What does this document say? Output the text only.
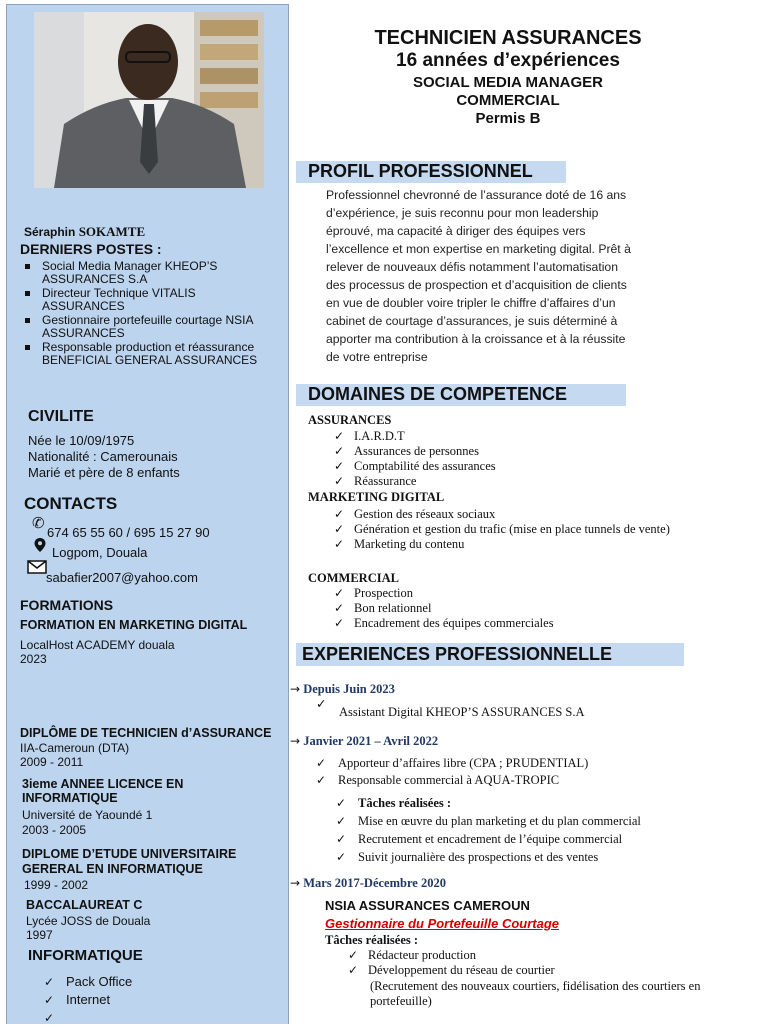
Séraphin SOKAMTE
DERNIERS POSTES :
Social Media Manager KHEOP’S ASSURANCES S.A
Directeur Technique VITALIS ASSURANCES
Gestionnaire portefeuille courtage NSIA ASSURANCES
Responsable production et réassurance BENEFICIAL GENERAL ASSURANCES
CIVILITE
Née le 10/09/1975
Nationalité : Camerounais
Marié et père de 8 enfants
CONTACTS
✆
674 65 55 60 / 695 15 27 90
Logpom, Douala
sabafier2007@yahoo.com
FORMATIONS
FORMATION EN MARKETING DIGITAL
LocalHost ACADEMY douala
2023
DIPLÔME DE TECHNICIEN d’ASSURANCE
IIA-Cameroun (DTA)
2009 - 2011
3ieme ANNEE LICENCE EN
INFORMATIQUE
Université de Yaoundé 1
2003 - 2005
DIPLOME D’ETUDE UNIVERSITAIRE
GERERAL EN INFORMATIQUE
1999 - 2002
BACCALAUREAT C
Lycée JOSS de Douala
1997
INFORMATIQUE
✓ Pack Office
✓ Internet
✓
TECHNICIEN ASSURANCES
16 années d’expériences
SOCIAL MEDIA MANAGER
COMMERCIAL
Permis B
PROFIL PROFESSIONNEL
Professionnel chevronné de l’assurance doté de 16 ans
d’expérience, je suis reconnu pour mon leadership
éprouvé, ma capacité à diriger des équipes vers
l’excellence et mon expertise en marketing digital. Prêt à
relever de nouveaux défis notamment l’automatisation
des processus de prospection et d’acquisition de clients
en vue de doubler voire tripler le chiffre d’affaires d’un
cabinet de courtage d’assurances, je suis déterminé à
apporter ma contribution à la croissance et à la réussite
de votre entreprise
DOMAINES DE COMPETENCE
ASSURANCES
✓ I.A.R.D.T
✓ Assurances de personnes
✓ Comptabilité des assurances
✓ Réassurance
MARKETING DIGITAL
✓ Gestion des réseaux sociaux
✓ Génération et gestion du trafic (mise en place tunnels de vente)
✓ Marketing du contenu
COMMERCIAL
✓ Prospection
✓ Bon relationnel
✓ Encadrement des équipes commerciales
EXPERIENCES PROFESSIONNELLE
→ Depuis Juin 2023
✓
Assistant Digital KHEOP’S ASSURANCES S.A
→ Janvier 2021 – Avril 2022
✓ Apporteur d’affaires libre (CPA ; PRUDENTIAL)
✓ Responsable commercial à AQUA-TROPIC
✓ Tâches réalisées :
✓ Mise en œuvre du plan marketing et du plan commercial
✓ Recrutement et encadrement de l’équipe commercial
✓ Suivit journalière des prospections et des ventes
→ Mars 2017-Décembre 2020
NSIA ASSURANCES CAMEROUN
Gestionnaire du Portefeuille Courtage
Tâches réalisées :
✓ Rédacteur production
✓ Développement du réseau de courtier
(Recrutement des nouveaux courtiers, fidélisation des courtiers en
portefeuille)
